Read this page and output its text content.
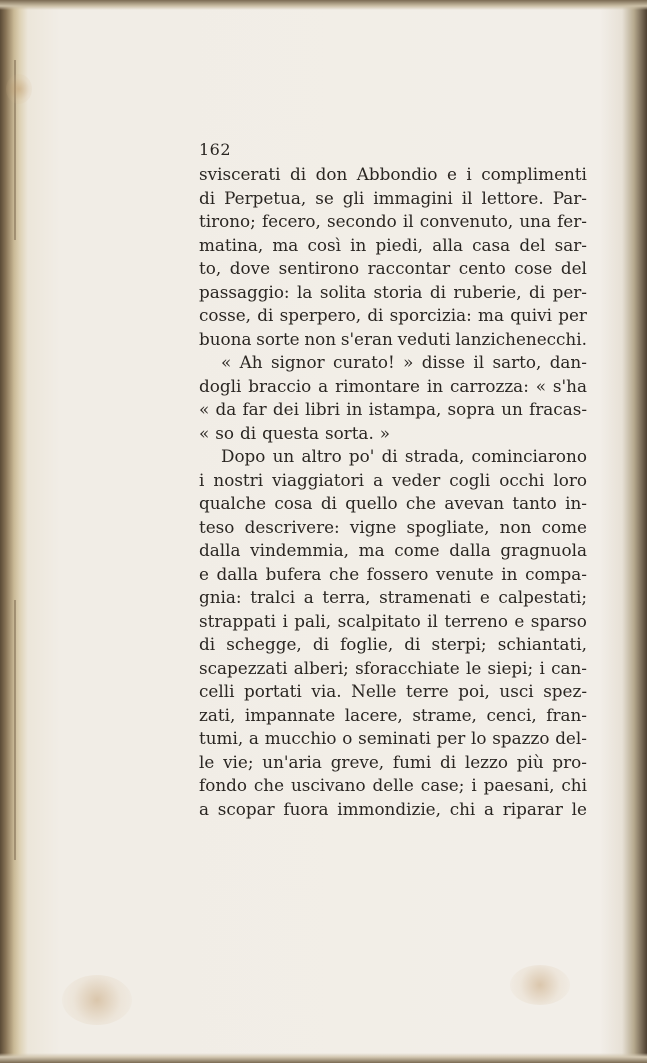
162
sviscerati di don Abbondio e i complimenti
di Perpetua, se gli immagini il lettore. Par-
tirono; fecero, secondo il convenuto, una fer-
matina, ma così in piedi, alla casa del sar-
to, dove sentirono raccontar cento cose del
passaggio: la solita storia di ruberie, di per-
cosse, di sperpero, di sporcizia: ma quivi per
buona sorte non s'eran veduti lanzichenecchi.
« Ah signor curato! » disse il sarto, dan-
dogli braccio a rimontare in carrozza: « s'ha
« da far dei libri in istampa, sopra un fracas-
« so di questa sorta. »
Dopo un altro po' di strada, cominciarono
i nostri viaggiatori a veder cogli occhi loro
qualche cosa di quello che avevan tanto in-
teso descrivere: vigne spogliate, non come
dalla vindemmia, ma come dalla gragnuola
e dalla bufera che fossero venute in compa-
gnia: tralci a terra, stramenati e calpestati;
strappati i pali, scalpitato il terreno e sparso
di schegge, di foglie, di sterpi; schiantati,
scapezzati alberi; sforacchiate le siepi; i can-
celli portati via. Nelle terre poi, usci spez-
zati, impannate lacere, strame, cenci, fran-
tumi, a mucchio o seminati per lo spazzo del-
le vie; un'aria greve, fumi di lezzo più pro-
fondo che uscivano delle case; i paesani, chi
a scopar fuora immondizie, chi a riparar le
